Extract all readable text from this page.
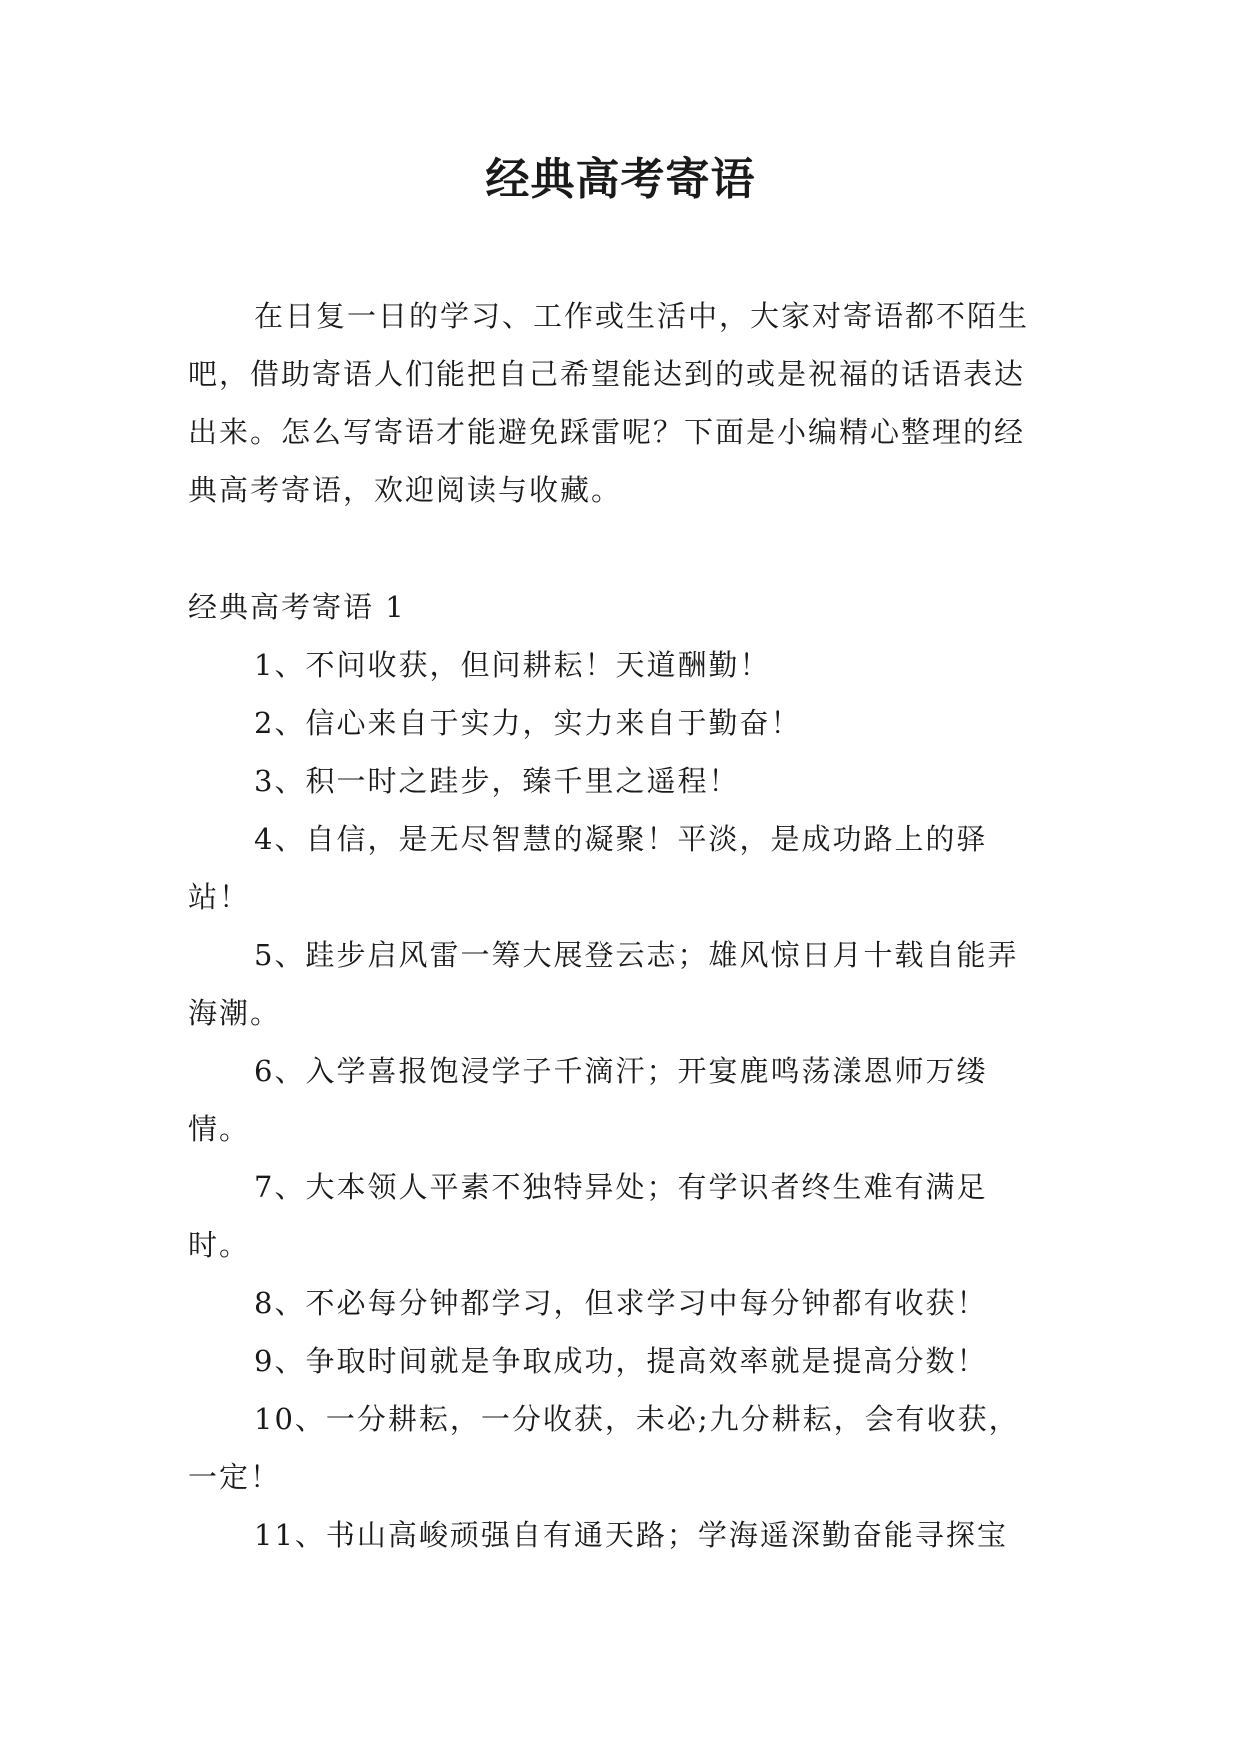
经典高考寄语

在日复一日的学习、工作或生活中，大家对寄语都不陌生吧，借助寄语人们能把自己希望能达到的或是祝福的话语表达出来。怎么写寄语才能避免踩雷呢？下面是小编精心整理的经典高考寄语，欢迎阅读与收藏。

经典高考寄语 1

1、不问收获，但问耕耘！天道酬勤！

2、信心来自于实力，实力来自于勤奋！

3、积一时之跬步，臻千里之遥程！

4、自信，是无尽智慧的凝聚！平淡，是成功路上的驿站！

5、跬步启风雷一筹大展登云志；雄风惊日月十载自能弄海潮。

6、入学喜报饱浸学子千滴汗；开宴鹿鸣荡漾恩师万缕情。

7、大本领人平素不独特异处；有学识者终生难有满足时。

8、不必每分钟都学习，但求学习中每分钟都有收获！

9、争取时间就是争取成功，提高效率就是提高分数！

10、一分耕耘，一分收获，未必;九分耕耘，会有收获，一定！

11、书山高峻顽强自有通天路；学海遥深勤奋能寻探宝
